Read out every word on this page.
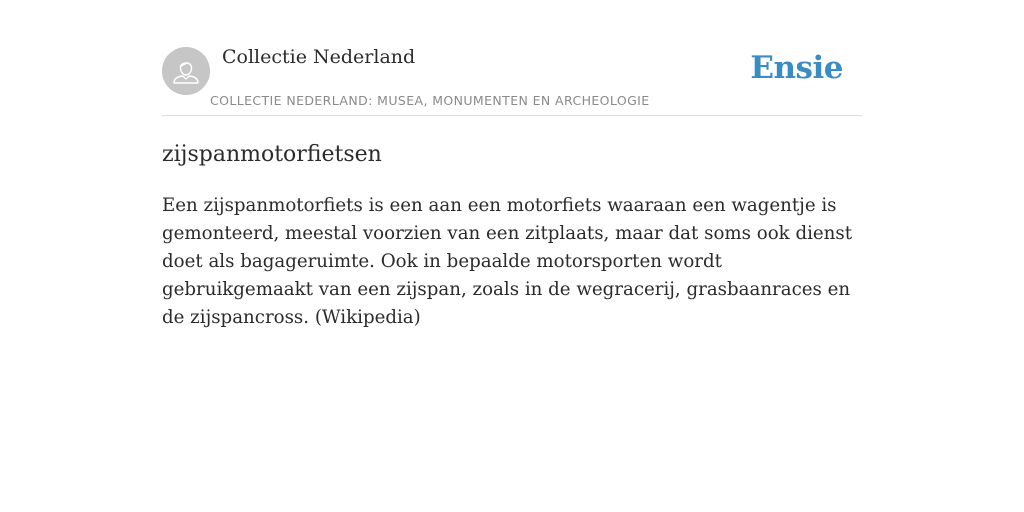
Collectie Nederland
COLLECTIE NEDERLAND: MUSEA, MONUMENTEN EN ARCHEOLOGIE
Ensie
zijspanmotorfietsen

Een zijspanmotorfiets is een aan een motorfiets waaraan een wagentje is gemonteerd, meestal voorzien van een zitplaats, maar dat soms ook dienst doet als bagageruimte. Ook in bepaalde motorsporten wordt gebruikgemaakt van een zijspan, zoals in de wegracerij, grasbaanraces en de zijspancross. (Wikipedia)
